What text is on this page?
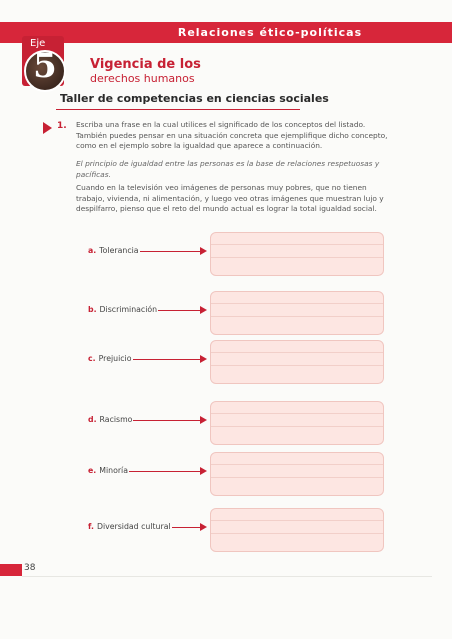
Relaciones ético-políticas
Eje
5	Vigencia de los
derechos humanos
Taller de competencias en ciencias sociales
1. Escriba una frase en la cual utilices el significado de los conceptos del listado. También puedes pensar en una situación concreta que ejemplifique dicho concepto, como en el ejemplo sobre la igualdad que aparece a continuación.
El principio de igualdad entre las personas es la base de relaciones respetuosas y pacíficas.
Cuando en la televisión veo imágenes de personas muy pobres, que no tienen trabajo, vivienda, ni alimentación, y luego veo otras imágenes que muestran lujo y despilfarro, pienso que el reto del mundo actual es lograr la total igualdad social.
a. Tolerancia
b. Discriminación
c. Prejuicio
d. Racismo
e. Minoría
f. Diversidad cultural
38
